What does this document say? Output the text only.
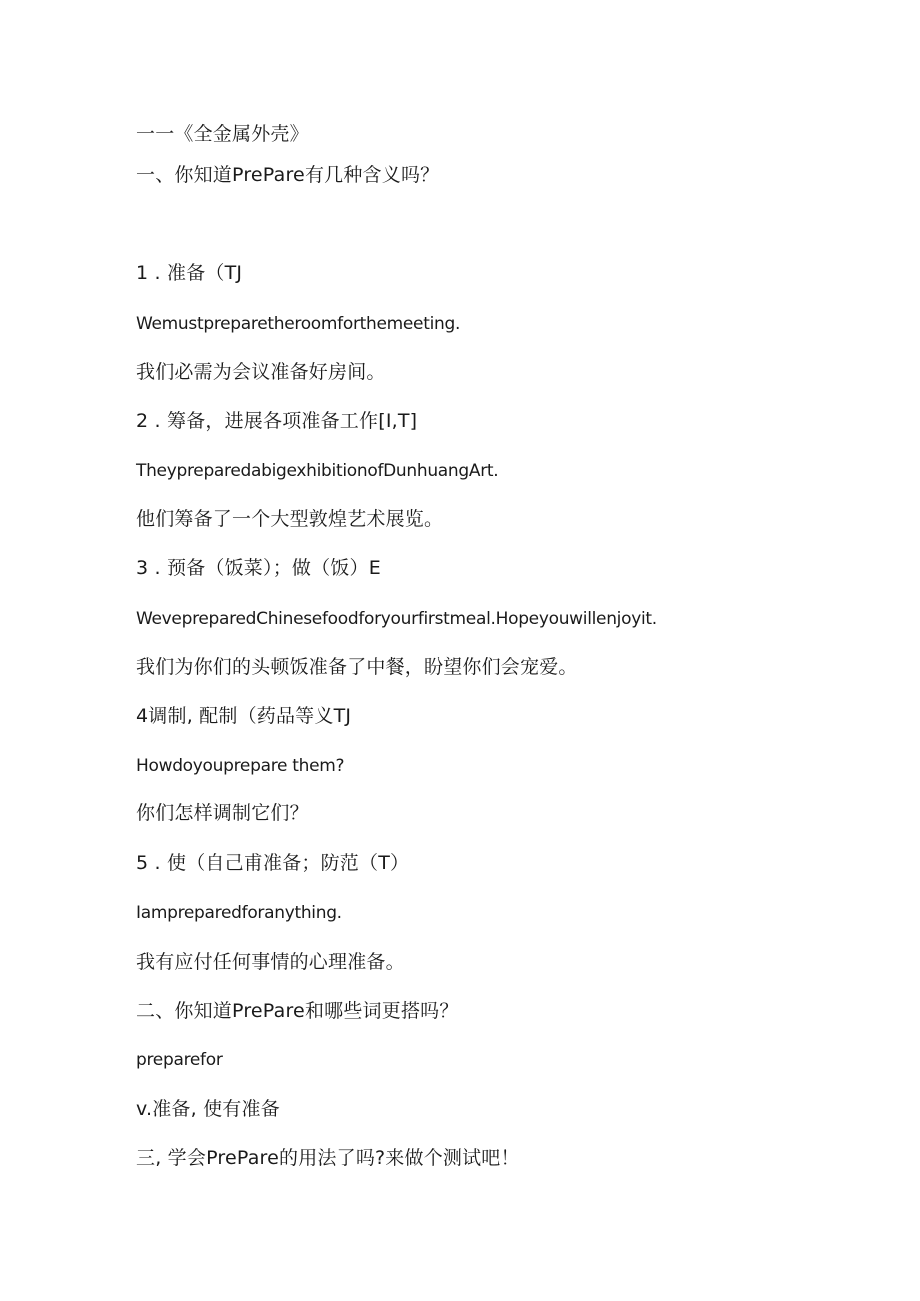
一一《全金属外壳》

一、你知道PrePare有几种含义吗？

1 . 准备（TJ

Wemustpreparetheroomforthemeeting.

我们必需为会议准备好房间。

2 . 筹备，进展各项准备工作[I,T]

TheypreparedabigexhibitionofDunhuangArt.

他们筹备了一个大型敦煌艺术展览。

3 . 预备（饭菜）；做（饭）E

WevepreparedChinesefoodforyourfirstmeal.Hopeyouwillenjoyit.

我们为你们的头顿饭准备了中餐，盼望你们会宠爱。

4调制, 配制（药品等义TJ

Howdoyouprepare them?

你们怎样调制它们？

5 . 使（自己甫准备；防范（T）

Iampreparedforanything.

我有应付任何事情的心理准备。

二、你知道PrePare和哪些词更搭吗？

preparefor

v.准备, 使有准备

三, 学会PrePare的用法了吗?来做个测试吧！
